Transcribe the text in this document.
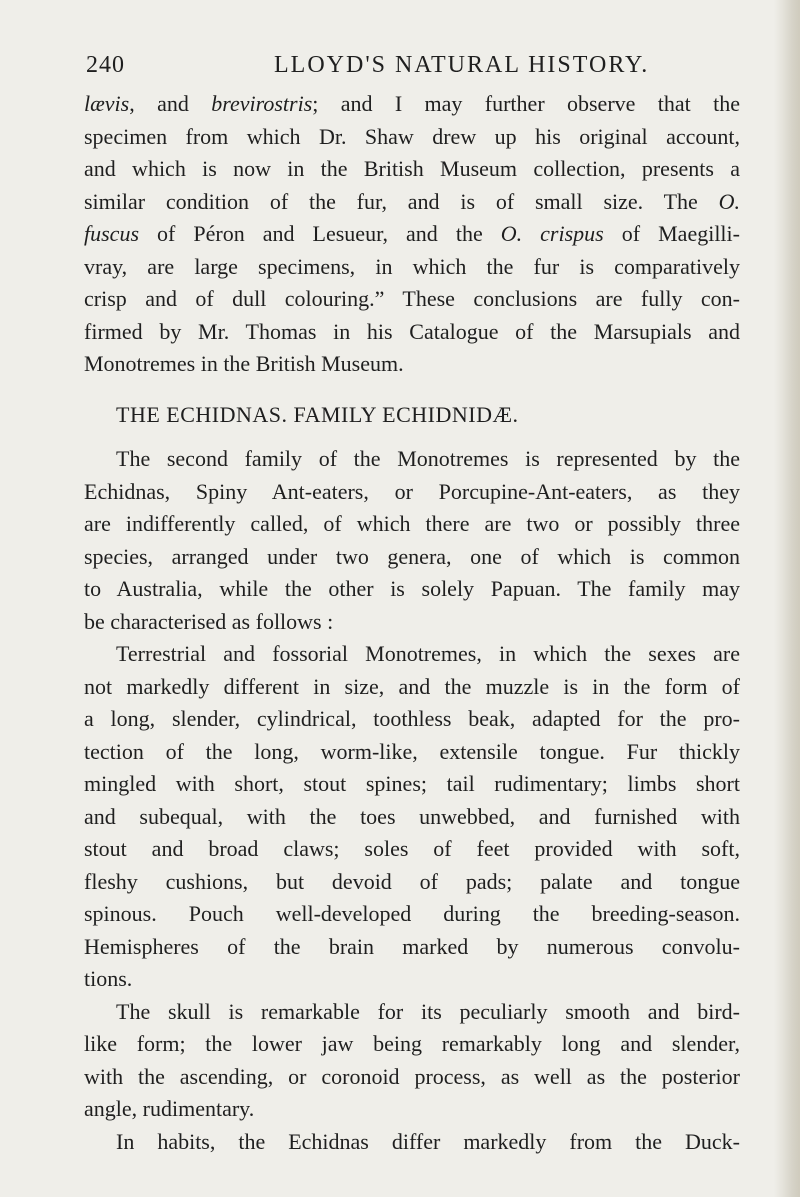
240	LLOYD'S NATURAL HISTORY.
lævis, and brevirostris; and I may further observe that the
specimen from which Dr. Shaw drew up his original account,
and which is now in the British Museum collection, presents a
similar condition of the fur, and is of small size. The O.
fuscus of Péron and Lesueur, and the O. crispus of Maegilli-
vray, are large specimens, in which the fur is comparatively
crisp and of dull colouring.” These conclusions are fully con-
firmed by Mr. Thomas in his Catalogue of the Marsupials and
Monotremes in the British Museum.
THE ECHIDNAS. FAMILY ECHIDNIDÆ.
The second family of the Monotremes is represented by the
Echidnas, Spiny Ant-eaters, or Porcupine-Ant-eaters, as they
are indifferently called, of which there are two or possibly three
species, arranged under two genera, one of which is common
to Australia, while the other is solely Papuan. The family may
be characterised as follows :
Terrestrial and fossorial Monotremes, in which the sexes are
not markedly different in size, and the muzzle is in the form of
a long, slender, cylindrical, toothless beak, adapted for the pro-
tection of the long, worm-like, extensile tongue. Fur thickly
mingled with short, stout spines; tail rudimentary; limbs short
and subequal, with the toes unwebbed, and furnished with
stout and broad claws; soles of feet provided with soft,
fleshy cushions, but devoid of pads; palate and tongue
spinous. Pouch well-developed during the breeding-season.
Hemispheres of the brain marked by numerous convolu-
tions.
The skull is remarkable for its peculiarly smooth and bird-
like form; the lower jaw being remarkably long and slender,
with the ascending, or coronoid process, as well as the posterior
angle, rudimentary.
In habits, the Echidnas differ markedly from the Duck-
